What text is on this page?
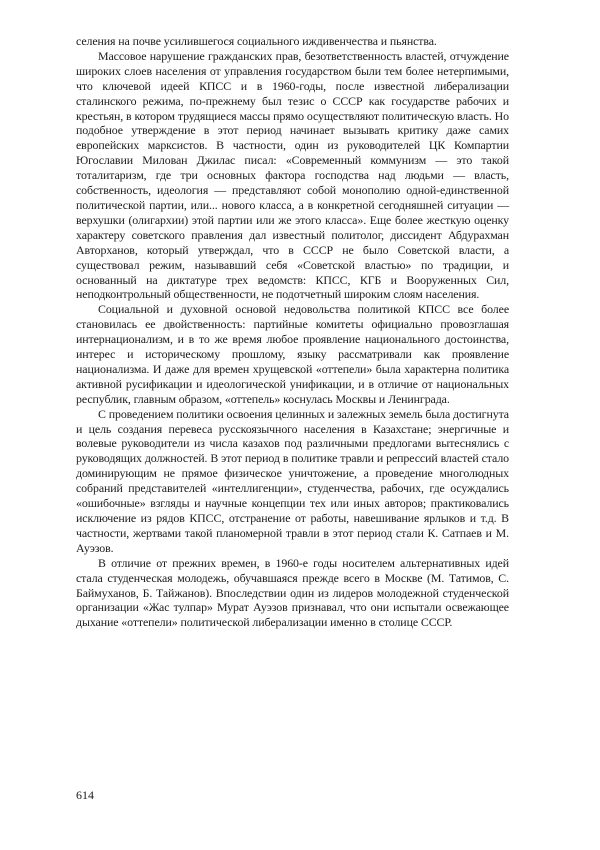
селения на почве усилившегося социального иждивенчества и пьянства.

Массовое нарушение гражданских прав, безответственность властей, отчуждение широких слоев населения от управления государством были тем более нетерпимыми, что ключевой идеей КПСС и в 1960-годы, после известной либерализации сталинского режима, по-прежнему был тезис о СССР как государстве рабочих и крестьян, в котором трудящиеся массы прямо осуществляют политическую власть. Но подобное утверждение в этот период начинает вызывать критику даже самих европейских марксистов. В частности, один из руководителей ЦК Компартии Югославии Милован Джилас писал: «Современный коммунизм — это такой тоталитаризм, где три основных фактора господства над людьми — власть, собственность, идеология — представляют собой монополию одной-единственной политической партии, или... нового класса, а в конкретной сегодняшней ситуации — верхушки (олигархии) этой партии или же этого класса». Еще более жесткую оценку характеру советского правления дал известный политолог, диссидент Абдурахман Авторханов, который утверждал, что в СССР не было Советской власти, а существовал режим, называвший себя «Советской властью» по традиции, и основанный на диктатуре трех ведомств: КПСС, КГБ и Вооруженных Сил, неподконтрольный общественности, не подотчетный широким слоям населения.

Социальной и духовной основой недовольства политикой КПСС все более становилась ее двойственность: партийные комитеты официально провозглашая интернационализм, и в то же время любое проявление национального достоинства, интерес и историческому прошлому, языку рассматривали как проявление национализма. И даже для времен хрущевской «оттепели» была характерна политика активной русификации и идеологической унификации, и в отличие от национальных республик, главным образом, «оттепель» коснулась Москвы и Ленинграда.

С проведением политики освоения целинных и залежных земель была достигнута и цель создания перевеса русскоязычного населения в Казахстане; энергичные и волевые руководители из числа казахов под различными предлогами вытеснялись с руководящих должностей. В этот период в политике травли и репрессий властей стало доминирующим не прямое физическое уничтожение, а проведение многолюдных собраний представителей «интеллигенции», студенчества, рабочих, где осуждались «ошибочные» взгляды и научные концепции тех или иных авторов; практиковались исключение из рядов КПСС, отстранение от работы, навешивание ярлыков и т.д. В частности, жертвами такой планомерной травли в этот период стали К. Сатпаев и М. Ауэзов.

В отличие от прежних времен, в 1960-е годы носителем альтернативных идей стала студенческая молодежь, обучавшаяся прежде всего в Москве (М. Татимов, С. Баймуханов, Б. Тайжанов). Впоследствии один из лидеров молодежной студенческой организации «Жас тулпар» Мурат Ауэзов признавал, что они испытали освежающее дыхание «оттепели» политической либерализации именно в столице СССР.

614
